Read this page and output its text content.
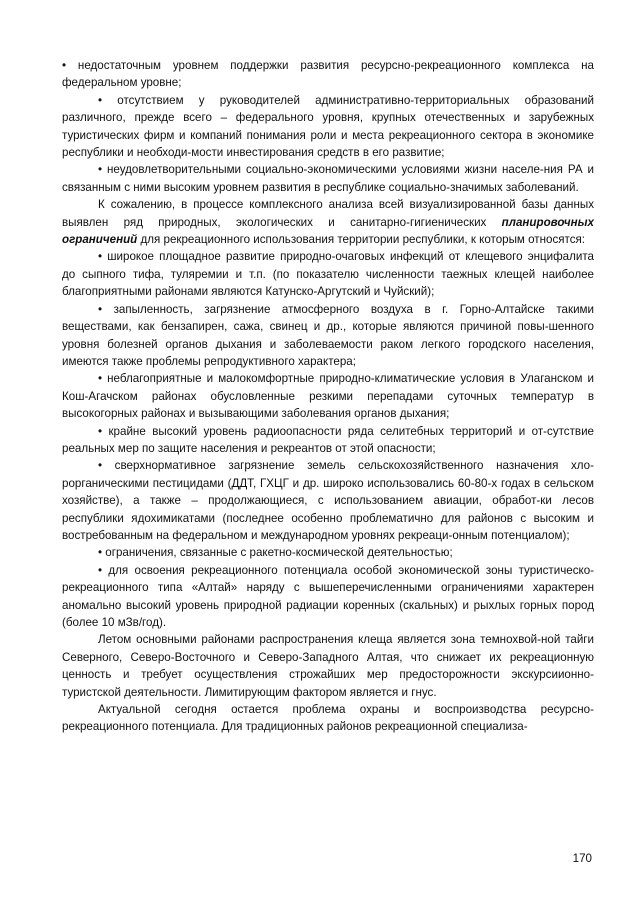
• недостаточным уровнем поддержки развития ресурсно-рекреационного комплекса на федеральном уровне;

• отсутствием у руководителей административно-территориальных образований различного, прежде всего – федерального уровня, крупных отечественных и зарубежных туристических фирм и компаний понимания роли и места рекреационного сектора в экономике республики и необходи-мости инвестирования средств в его развитие;

• неудовлетворительными социально-экономическими условиями жизни населе-ния РА и связанным с ними высоким уровнем развития в республике социально-значимых заболеваний.

К сожалению, в процессе комплексного анализа всей визуализированной базы данных выявлен ряд природных, экологических и санитарно-гигиенических планировочных ограничений для рекреационного использования территории республики, к которым относятся:

• широкое площадное развитие природно-очаговых инфекций от клещевого энцифалита до сыпного тифа, туляремии и т.п. (по показателю численности таежных клещей наиболее благоприятными районами являются Катунско-Аргутский и Чуйский);

• запыленность, загрязнение атмосферного воздуха в г. Горно-Алтайске такими веществами, как бензапирен, сажа, свинец и др., которые являются причиной повы-шенного уровня болезней органов дыхания и заболеваемости раком легкого городского населения, имеются также проблемы репродуктивного характера;

• неблагоприятные и малокомфортные природно-климатические условия в Улаганском и Кош-Агачском районах обусловленные резкими перепадами суточных температур в высокогорных районах и вызывающими заболевания органов дыхания;

• крайне высокий уровень радиоопасности ряда селитебных территорий и от-сутствие реальных мер по защите населения и рекреантов от этой опасности;

• сверхнормативное загрязнение земель сельскохозяйственного назначения хло-рорганическими пестицидами (ДДТ, ГХЦГ и др. широко использовались 60-80-х годах в сельском хозяйстве), а также – продолжающиеся, с использованием авиации, обработ-ки лесов республики ядохимикатами (последнее особенно проблематично для районов с высоким и востребованным на федеральном и международном уровнях рекреаци-онным потенциалом);

• ограничения, связанные с ракетно-космической деятельностью;

• для освоения рекреационного потенциала особой экономической зоны туристическо-рекреационного типа «Алтай» наряду с вышеперечисленными ограничениями характерен аномально высокий уровень природной радиации коренных (скальных) и рыхлых горных пород (более 10 мЗв/год).

Летом основными районами распространения клеща является зона темнохвой-ной тайги Северного, Северо-Восточного и Северо-Западного Алтая, что снижает их рекреационную ценность и требует осуществления строжайших мер предосторожности экскурсиионно-туристской деятельности. Лимитирующим фактором является и гнус.

Актуальной сегодня остается проблема охраны и воспроизводства ресурсно-рекреационного потенциала. Для традиционных районов рекреационной специализа-

170
